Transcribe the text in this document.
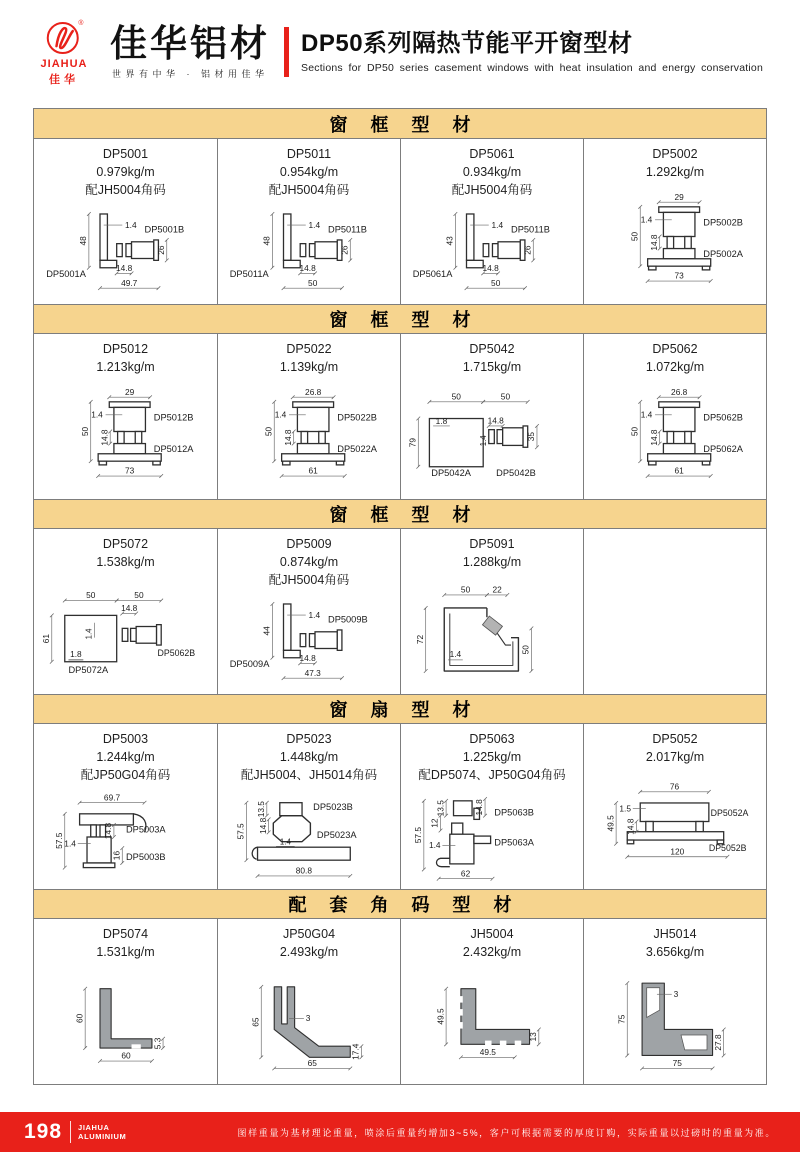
®
JIAHUA
佳华
佳华铝材
世界有中华 · 铝材用佳华
DP50系列隔热节能平开窗型材
Sections for DP50 series casement windows with heat insulation and energy conservation
窗 框 型 材
DP5001
0.979kg/m
配JH5004角码
48
1.4
26
14.8
49.7
DP5001B
DP5001A
DP5011
0.954kg/m
配JH5004角码
48
1.4
26
14.8
50
DP5011B
DP5011A
DP5061
0.934kg/m
配JH5004角码
43
1.4
26
14.8
50
DP5011B
DP5061A
DP5002
1.292kg/m
29
1.4
50 14.8
73
DP5002B
DP5002A
窗 框 型 材
DP5012
1.213kg/m
29
1.4
50 14.8
73
DP5012B
DP5012A
DP5022
1.139kg/m
26.8
1.4
50 14.8
61
DP5022B
DP5022A
DP5042
1.715kg/m
50	50
1.8
1.4
14.8
79
35
DP5042A	DP5042B
DP5062
1.072kg/m
26.8
1.4
50 14.8
61
DP5062B
DP5062A
窗 框 型 材
DP5072
1.538kg/m
50	50
14.8
61	1.4
1.8	DP5062B
DP5072A
DP5009
0.874kg/m
配JH5004角码
44
1.4
14.8
47.3
DP5009B
DP5009A
DP5091
1.288kg/m
50 22
72
50
1.4
窗 扇 型 材
DP5003
1.244kg/m
配JP50G04角码
69.7
57.5 1.4
14.8
16
DP5003A
DP5003B
DP5023
1.448kg/m
配JH5004、JH5014角码
13.5
14.8
57.5
1.4
80.8
DP5023B
DP5023A
DP5063
1.225kg/m
配DP5074、JP50G04角码
14.8
13.5
12
57.5
1.4
62
DP5063B
DP5063A
DP5052
2.017kg/m
76
1.5
49.5 14.8
120
DP5052A
DP5052B
配 套 角 码 型 材
DP5074
1.531kg/m
60
60
5.3
JP50G04
2.493kg/m
65	3
17.4
65
JH5004
2.432kg/m
49.5
49.5
13
JH5014
3.656kg/m
75
3
75
27.8
198 JIAHUA
ALUMINIUM	图样重量为基材理论重量，喷涂后重量约增加3~5%，客户可根据需要的厚度订购，实际重量以过磅时的重量为准。
